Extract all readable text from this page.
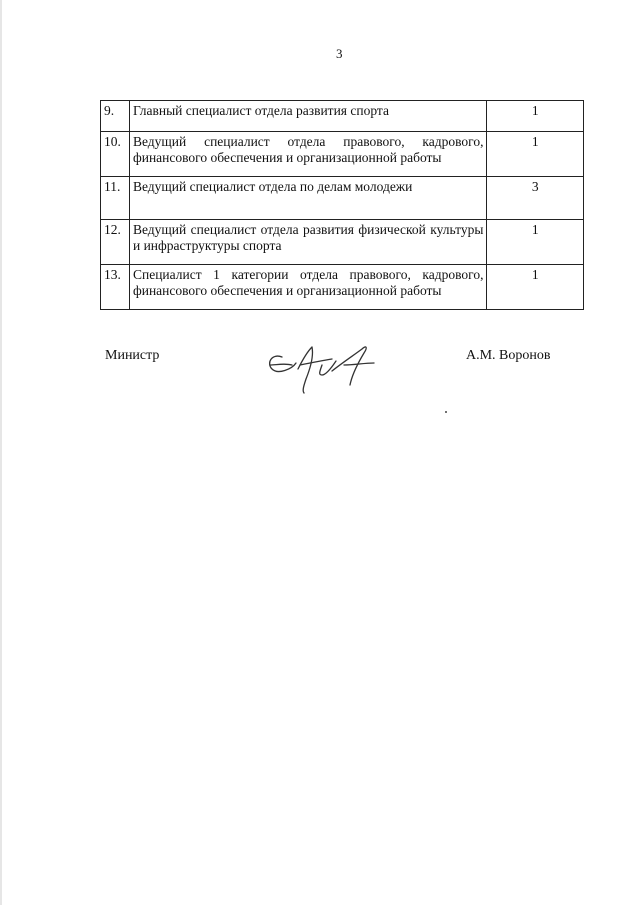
3
9.	Главный специалист отдела развития спорта	1
10.	Ведущий специалист отдела правового, кадрового, финансового обеспечения и организационной работы	1
11.	Ведущий специалист отдела по делам молодежи	3
12.	Ведущий специалист отдела развития физической культуры и инфраструктуры спорта	1
13.	Специалист 1 категории отдела правового, кадрового, финансового обеспечения и организационной работы	1
Министр	А.М. Воронов
